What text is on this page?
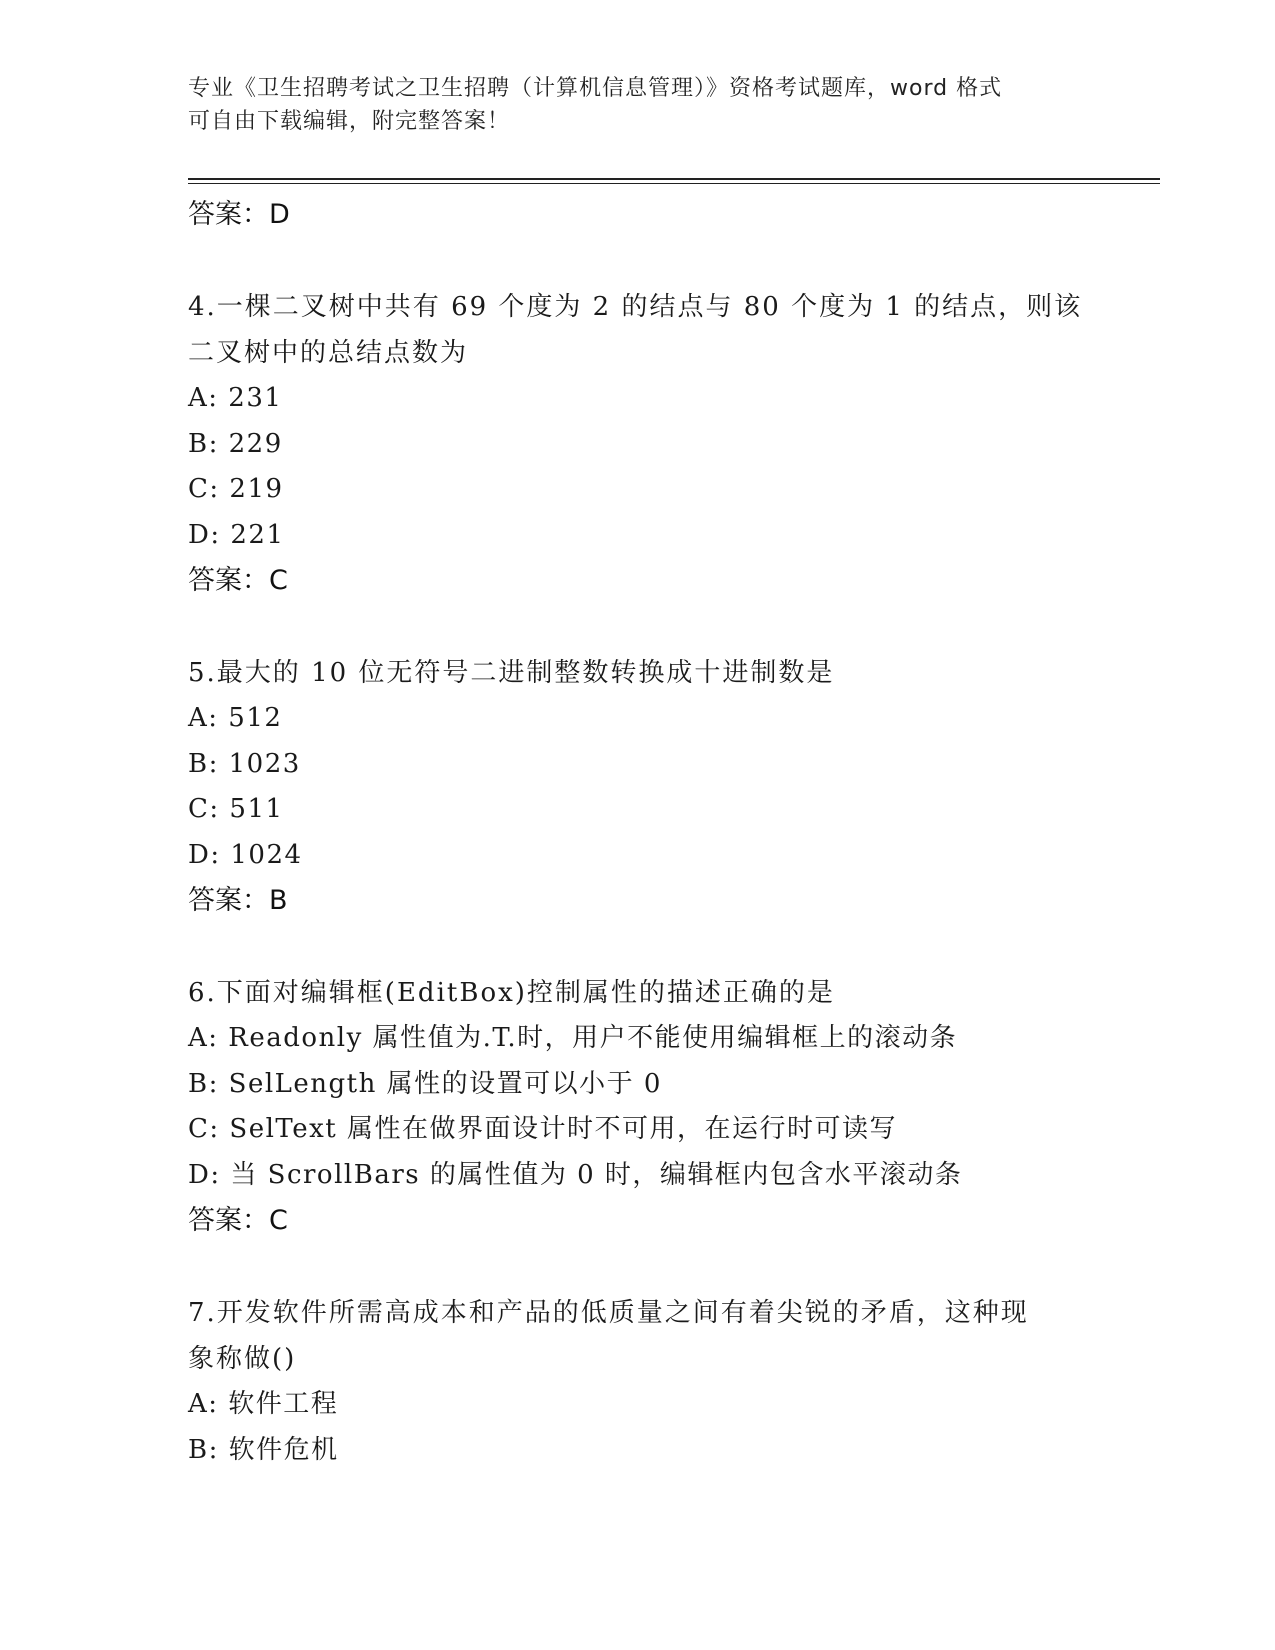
专业《卫生招聘考试之卫生招聘（计算机信息管理）》资格考试题库，word 格式
可自由下载编辑，附完整答案！
答案：D
4.一棵二叉树中共有 69 个度为 2 的结点与 80 个度为 1 的结点，则该
二叉树中的总结点数为
A: 231
B: 229
C: 219
D: 221
答案：C
5.最大的 10 位无符号二进制整数转换成十进制数是
A: 512
B: 1023
C: 511
D: 1024
答案：B
6.下面对编辑框(EditBox)控制属性的描述正确的是
A: Readonly 属性值为.T.时，用户不能使用编辑框上的滚动条
B: SelLength 属性的设置可以小于 0
C: SelText 属性在做界面设计时不可用，在运行时可读写
D: 当 ScrollBars 的属性值为 0 时，编辑框内包含水平滚动条
答案：C
7.开发软件所需高成本和产品的低质量之间有着尖锐的矛盾，这种现
象称做()
A: 软件工程
B: 软件危机
